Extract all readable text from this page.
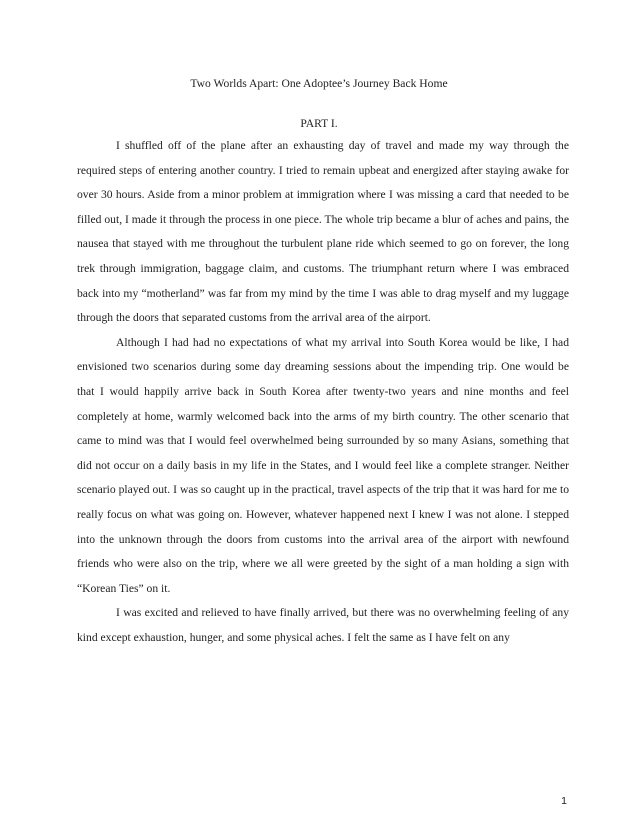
Two Worlds Apart: One Adoptee’s Journey Back Home
PART I.

I shuffled off of the plane after an exhausting day of travel and made my way through the required steps of entering another country. I tried to remain upbeat and energized after staying awake for over 30 hours. Aside from a minor problem at immigration where I was missing a card that needed to be filled out, I made it through the process in one piece. The whole trip became a blur of aches and pains, the nausea that stayed with me throughout the turbulent plane ride which seemed to go on forever, the long trek through immigration, baggage claim, and customs. The triumphant return where I was embraced back into my “motherland” was far from my mind by the time I was able to drag myself and my luggage through the doors that separated customs from the arrival area of the airport.

Although I had had no expectations of what my arrival into South Korea would be like, I had envisioned two scenarios during some day dreaming sessions about the impending trip. One would be that I would happily arrive back in South Korea after twenty-two years and nine months and feel completely at home, warmly welcomed back into the arms of my birth country. The other scenario that came to mind was that I would feel overwhelmed being surrounded by so many Asians, something that did not occur on a daily basis in my life in the States, and I would feel like a complete stranger. Neither scenario played out. I was so caught up in the practical, travel aspects of the trip that it was hard for me to really focus on what was going on. However, whatever happened next I knew I was not alone. I stepped into the unknown through the doors from customs into the arrival area of the airport with newfound friends who were also on the trip, where we all were greeted by the sight of a man holding a sign with “Korean Ties” on it.

I was excited and relieved to have finally arrived, but there was no overwhelming feeling of any kind except exhaustion, hunger, and some physical aches. I felt the same as I have felt on any

1
